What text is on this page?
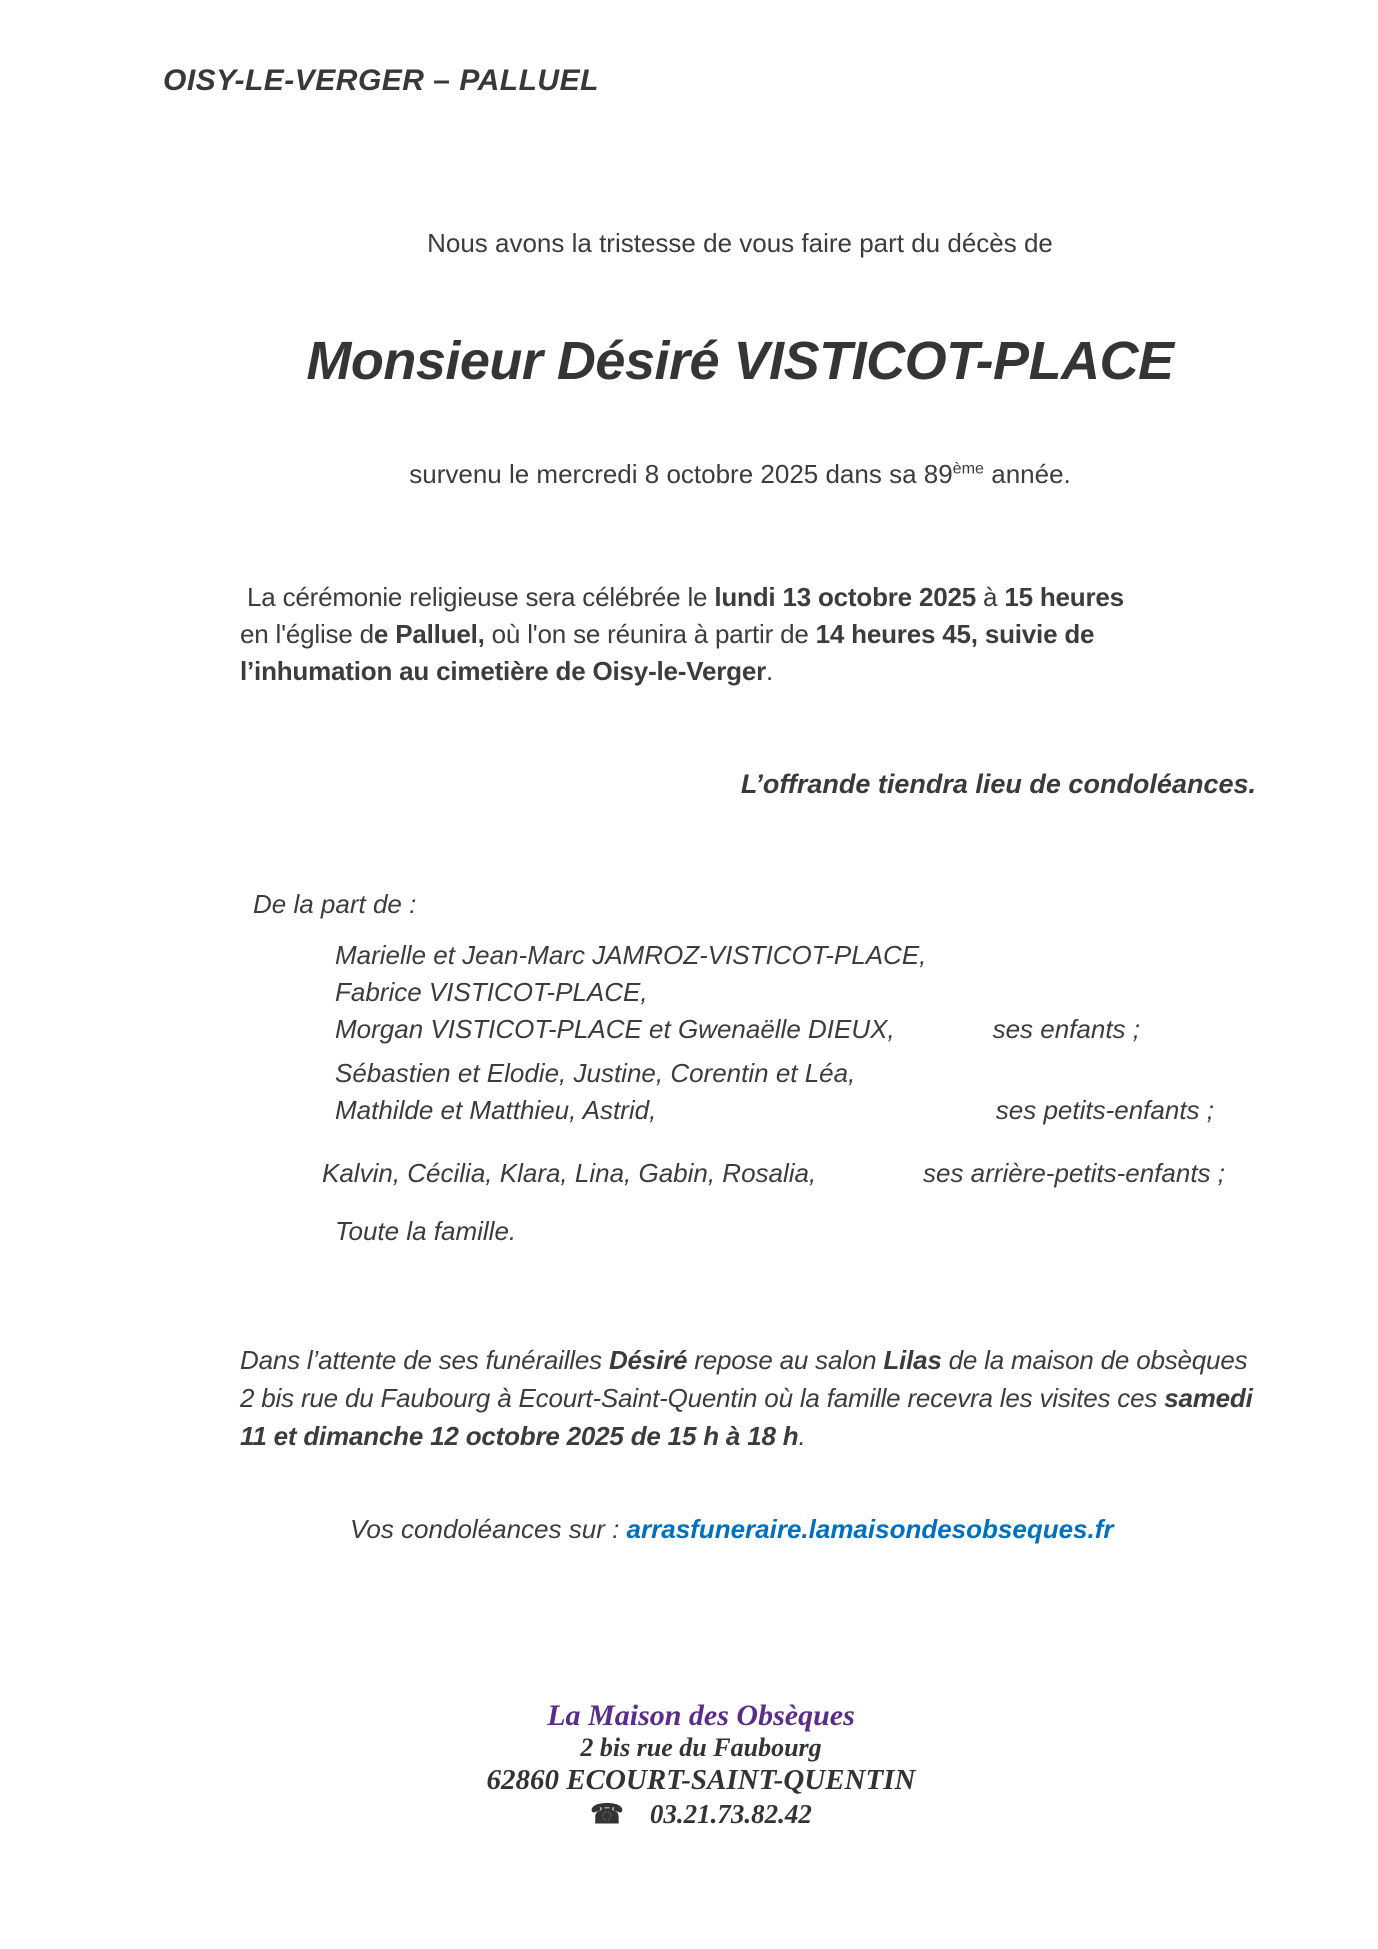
OISY-LE-VERGER – PALLUEL
Nous avons la tristesse de vous faire part du décès de
Monsieur Désiré VISTICOT-PLACE
survenu le mercredi 8 octobre 2025 dans sa 89ème année.
La cérémonie religieuse sera célébrée le lundi 13 octobre 2025 à 15 heures
en l'église de Palluel, où l'on se réunira à partir de 14 heures 45, suivie de
l’inhumation au cimetière de Oisy-le-Verger.
L’offrande tiendra lieu de condoléances.
De la part de :
Marielle et Jean-Marc JAMROZ-VISTICOT-PLACE,
Fabrice VISTICOT-PLACE,
Morgan VISTICOT-PLACE et Gwenaëlle DIEUX,	ses enfants ;
Sébastien et Elodie, Justine, Corentin et Léa,
Mathilde et Matthieu, Astrid,	ses petits-enfants ;
Kalvin, Cécilia, Klara, Lina, Gabin, Rosalia,	ses arrière-petits-enfants ;
Toute la famille.
Dans l’attente de ses funérailles Désiré repose au salon Lilas de la maison de obsèques
2 bis rue du Faubourg à Ecourt-Saint-Quentin où la famille recevra les visites ces samedi
11 et dimanche 12 octobre 2025 de 15 h à 18 h.
Vos condoléances sur : arrasfuneraire.lamaisondesobseques.fr
La Maison des Obsèques
2 bis rue du Faubourg
62860 ECOURT-SAINT-QUENTIN
☎ 03.21.73.82.42
